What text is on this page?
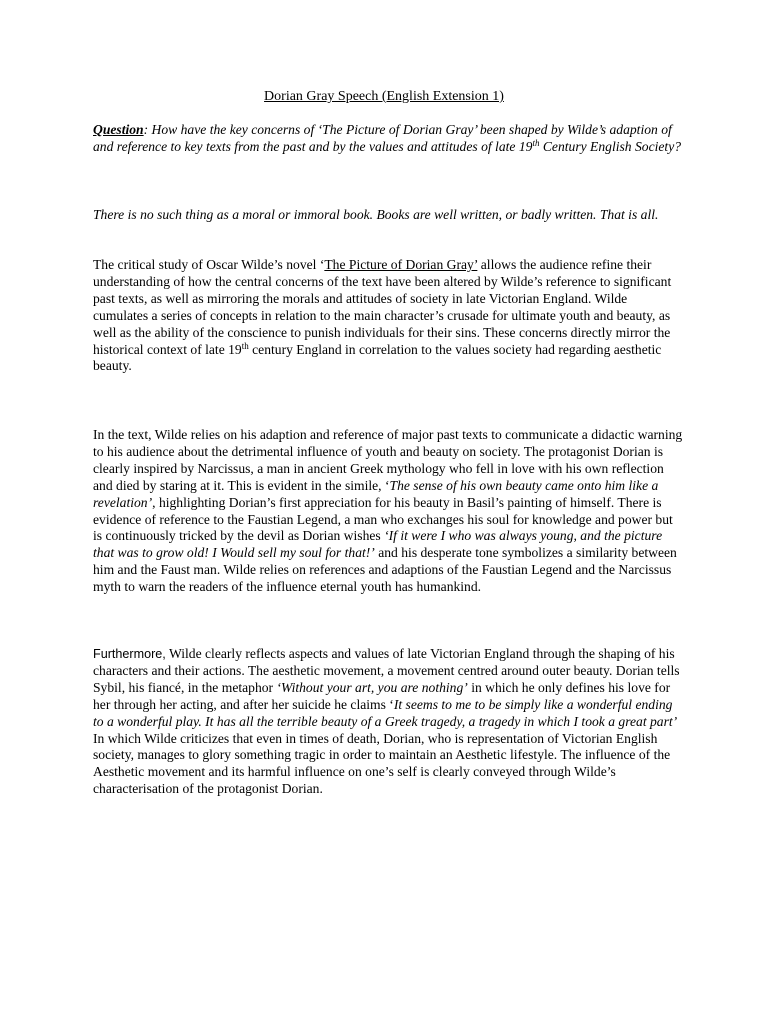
Dorian Gray Speech (English Extension 1)

Question: How have the key concerns of ‘The Picture of Dorian Gray’ been shaped by Wilde’s adaption of and reference to key texts from the past and by the values and attitudes of late 19th Century English Society?

There is no such thing as a moral or immoral book. Books are well written, or badly written. That is all.

The critical study of Oscar Wilde’s novel ‘The Picture of Dorian Gray’ allows the audience refine their understanding of how the central concerns of the text have been altered by Wilde’s reference to significant past texts, as well as mirroring the morals and attitudes of society in late Victorian England. Wilde cumulates a series of concepts in relation to the main character’s crusade for ultimate youth and beauty, as well as the ability of the conscience to punish individuals for their sins. These concerns directly mirror the historical context of late 19th century England in correlation to the values society had regarding aesthetic beauty.

In the text, Wilde relies on his adaption and reference of major past texts to communicate a didactic warning to his audience about the detrimental influence of youth and beauty on society. The protagonist Dorian is clearly inspired by Narcissus, a man in ancient Greek mythology who fell in love with his own reflection and died by staring at it. This is evident in the simile, ‘The sense of his own beauty came onto him like a revelation’, highlighting Dorian’s first appreciation for his beauty in Basil’s painting of himself. There is evidence of reference to the Faustian Legend, a man who exchanges his soul for knowledge and power but is continuously tricked by the devil as Dorian wishes ‘If it were I who was always young, and the picture that was to grow old! I Would sell my soul for that!’ and his desperate tone symbolizes a similarity between him and the Faust man. Wilde relies on references and adaptions of the Faustian Legend and the Narcissus myth to warn the readers of the influence eternal youth has humankind.

Furthermore, Wilde clearly reflects aspects and values of late Victorian England through the shaping of his characters and their actions. The aesthetic movement, a movement centred around outer beauty. Dorian tells Sybil, his fiancé, in the metaphor ‘Without your art, you are nothing’ in which he only defines his love for her through her acting, and after her suicide he claims ‘It seems to me to be simply like a wonderful ending to a wonderful play. It has all the terrible beauty of a Greek tragedy, a tragedy in which I took a great part’ In which Wilde criticizes that even in times of death, Dorian, who is representation of Victorian English society, manages to glory something tragic in order to maintain an Aesthetic lifestyle. The influence of the Aesthetic movement and its harmful influence on one’s self is clearly conveyed through Wilde’s characterisation of the protagonist Dorian.
